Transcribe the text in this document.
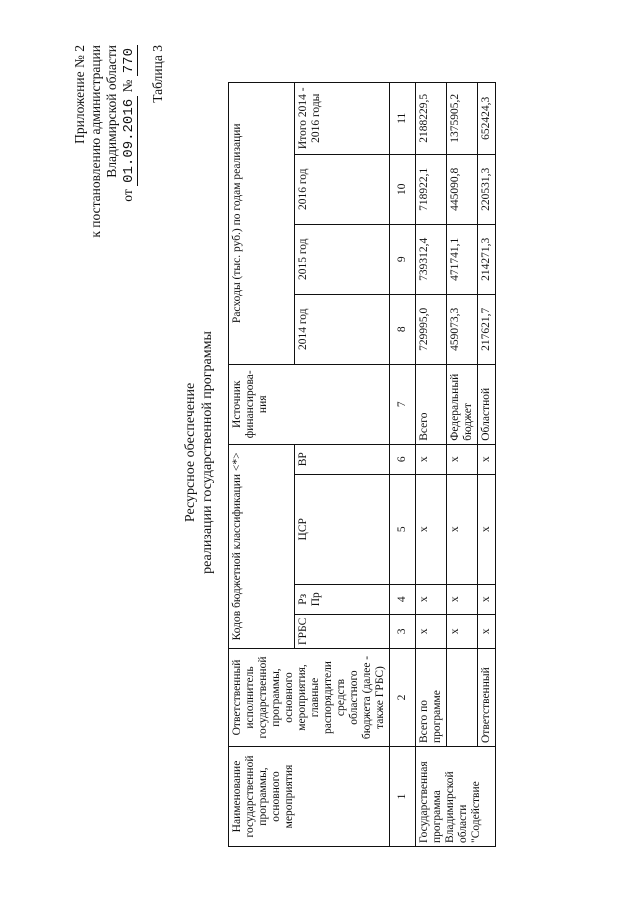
Приложение № 2 к постановлению администрации Владимирской области
от 01.09.2016 № 770 Таблица 3
Ресурсное обеспечение реализации государственной программы
Наименование государственной программы, основного мероприятия	Ответственный исполнитель государственной программы, основного мероприятия, главные распорядители средств областного бюджета (далее - также ГРБС)	Кодов бюджетной классификации <*>				Источник финансирова-ния	Расходы (тыс. руб.) по годам реализации			
		ГРБС	Рз Пр	ЦСР	ВР		2014 год	2015 год	2016 год	Итого 2014 - 2016 годы
1	2	3	4	5	6	7	8	9	10	11
Государственная программа Владимирской области "Содействие	Всего по программе	x	x	x	x	Всего	729995,0	739312,4	718922,1	2188229,5
		x	x	x	x	Федеральный бюджет	459073,3	471741,1	445090,8	1375905,2
	Ответственный	x	x	x	x	Областной	217621,7	214271,3	220531,3	652424,3
